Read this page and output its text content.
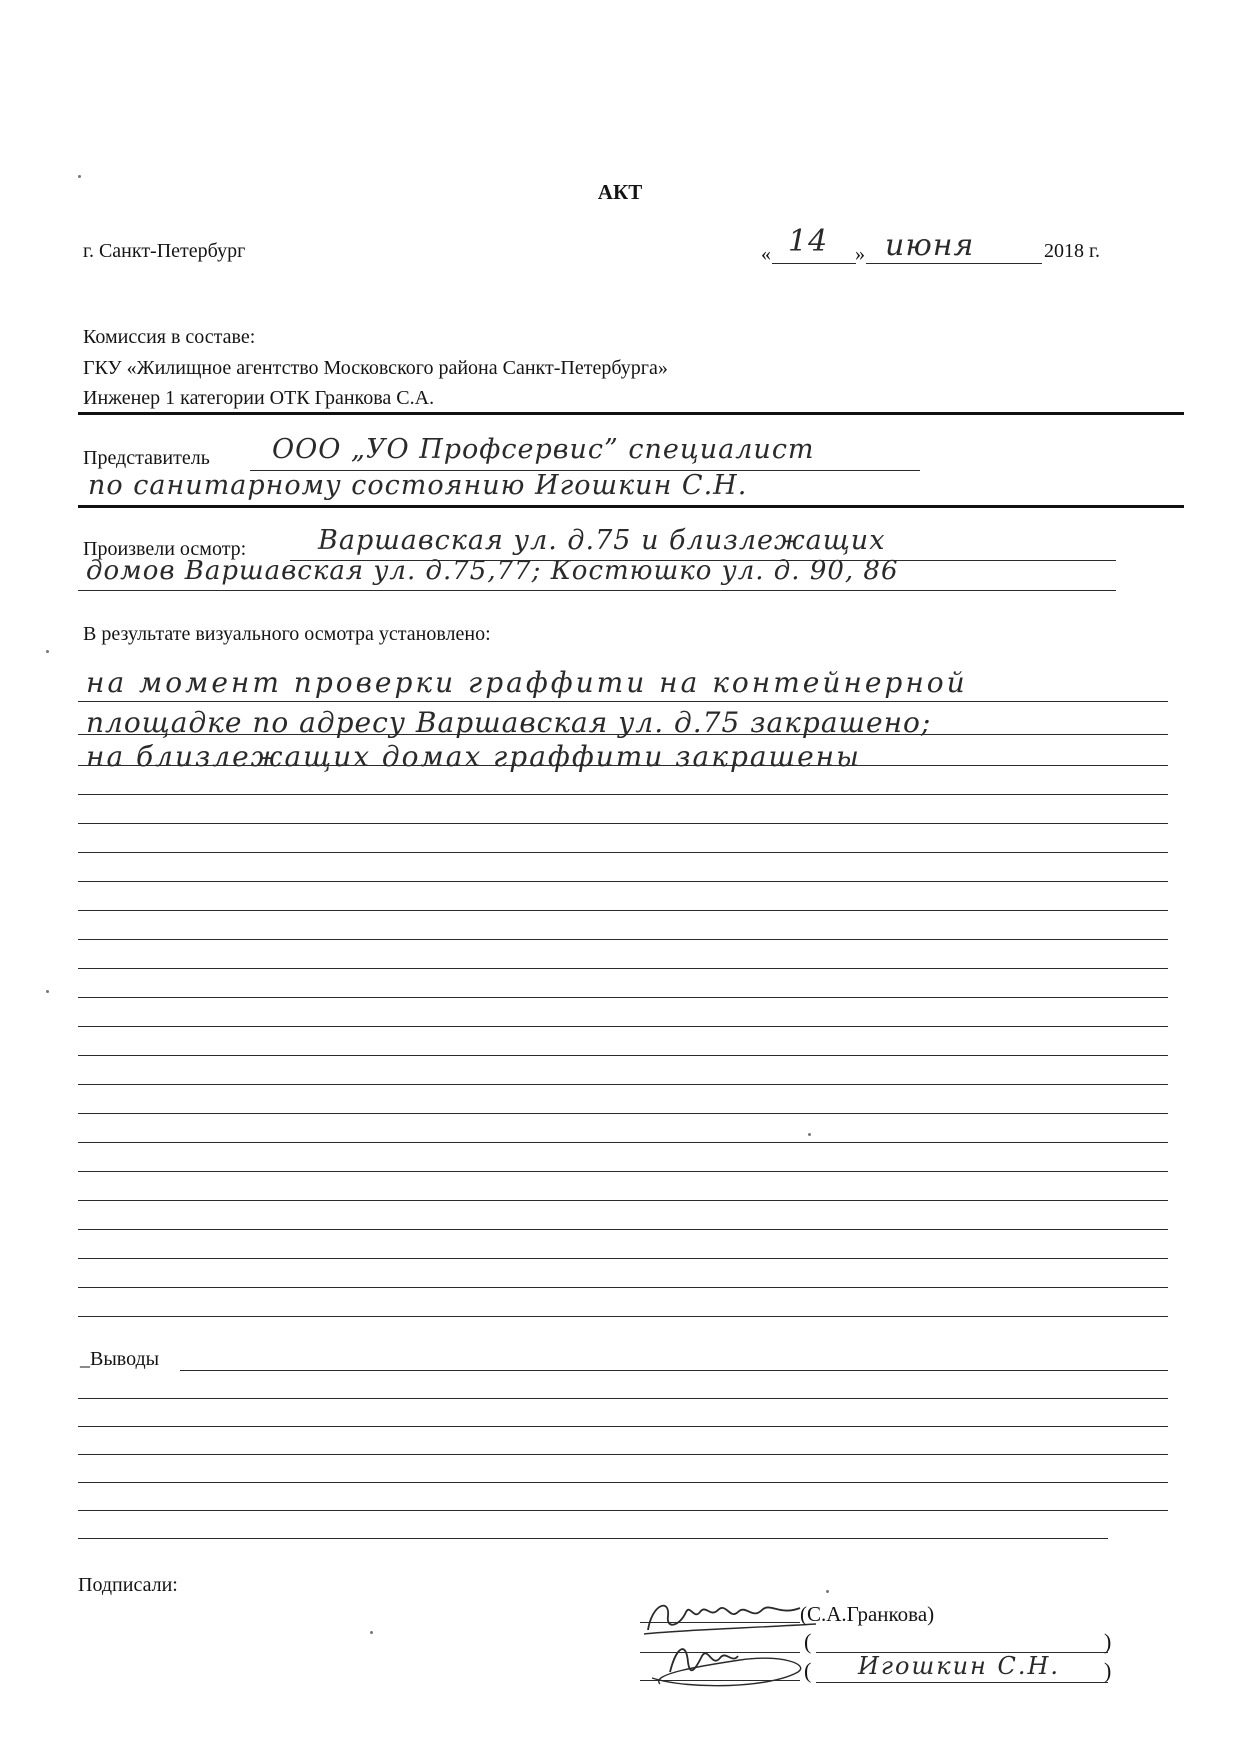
АКТ
г. Санкт-Петербург	« 14 » июня	2018 г.
Комиссия в составе:
ГКУ «Жилищное агентство Московского района Санкт-Петербурга»
Инженер 1 категории ОТК Гранкова С.А.
Представитель ООО „УО Профсервис” специалист
по санитарному состоянию Игошкин С.Н.
Произвели осмотр:	Варшавская ул. д.75 и близлежащих
домов Варшавская ул. д.75,77; Костюшко ул. д. 90, 86
В результате визуального осмотра установлено:
на момент проверки граффити на контейнерной
площадке по адресу Варшавская ул. д.75 закрашено;
на близлежащих домах граффити закрашены
_Выводы
Подписали:
(С.А.Гранкова)
(	)
( Игошкин С.Н. )
